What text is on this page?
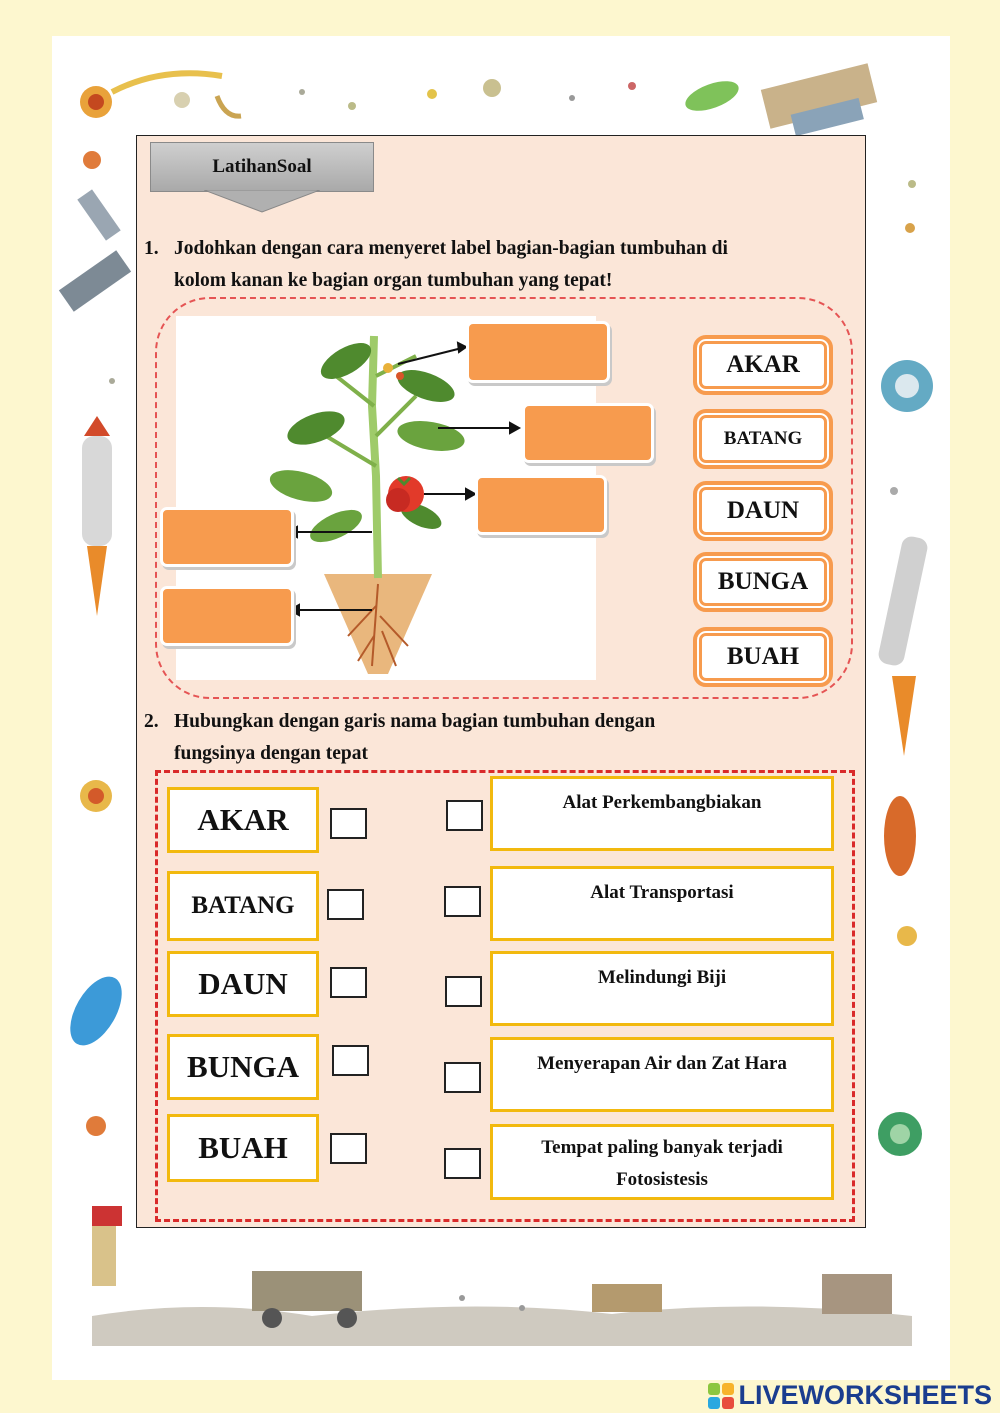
LatihanSoal
1. Jodohkan dengan cara menyeret label bagian-bagian tumbuhan di
kolom kanan ke bagian organ tumbuhan yang tepat!
AKAR
BATANG
DAUN
BUNGA
BUAH
2. Hubungkan dengan garis nama bagian tumbuhan dengan
fungsinya dengan tepat
AKAR
BATANG
DAUN
BUNGA
BUAH
Alat Perkembangbiakan
Alat Transportasi
Melindungi Biji
Menyerapan Air dan Zat Hara
Tempat paling banyak terjadi
Fotosistesis
LIVEWORKSHEETS
